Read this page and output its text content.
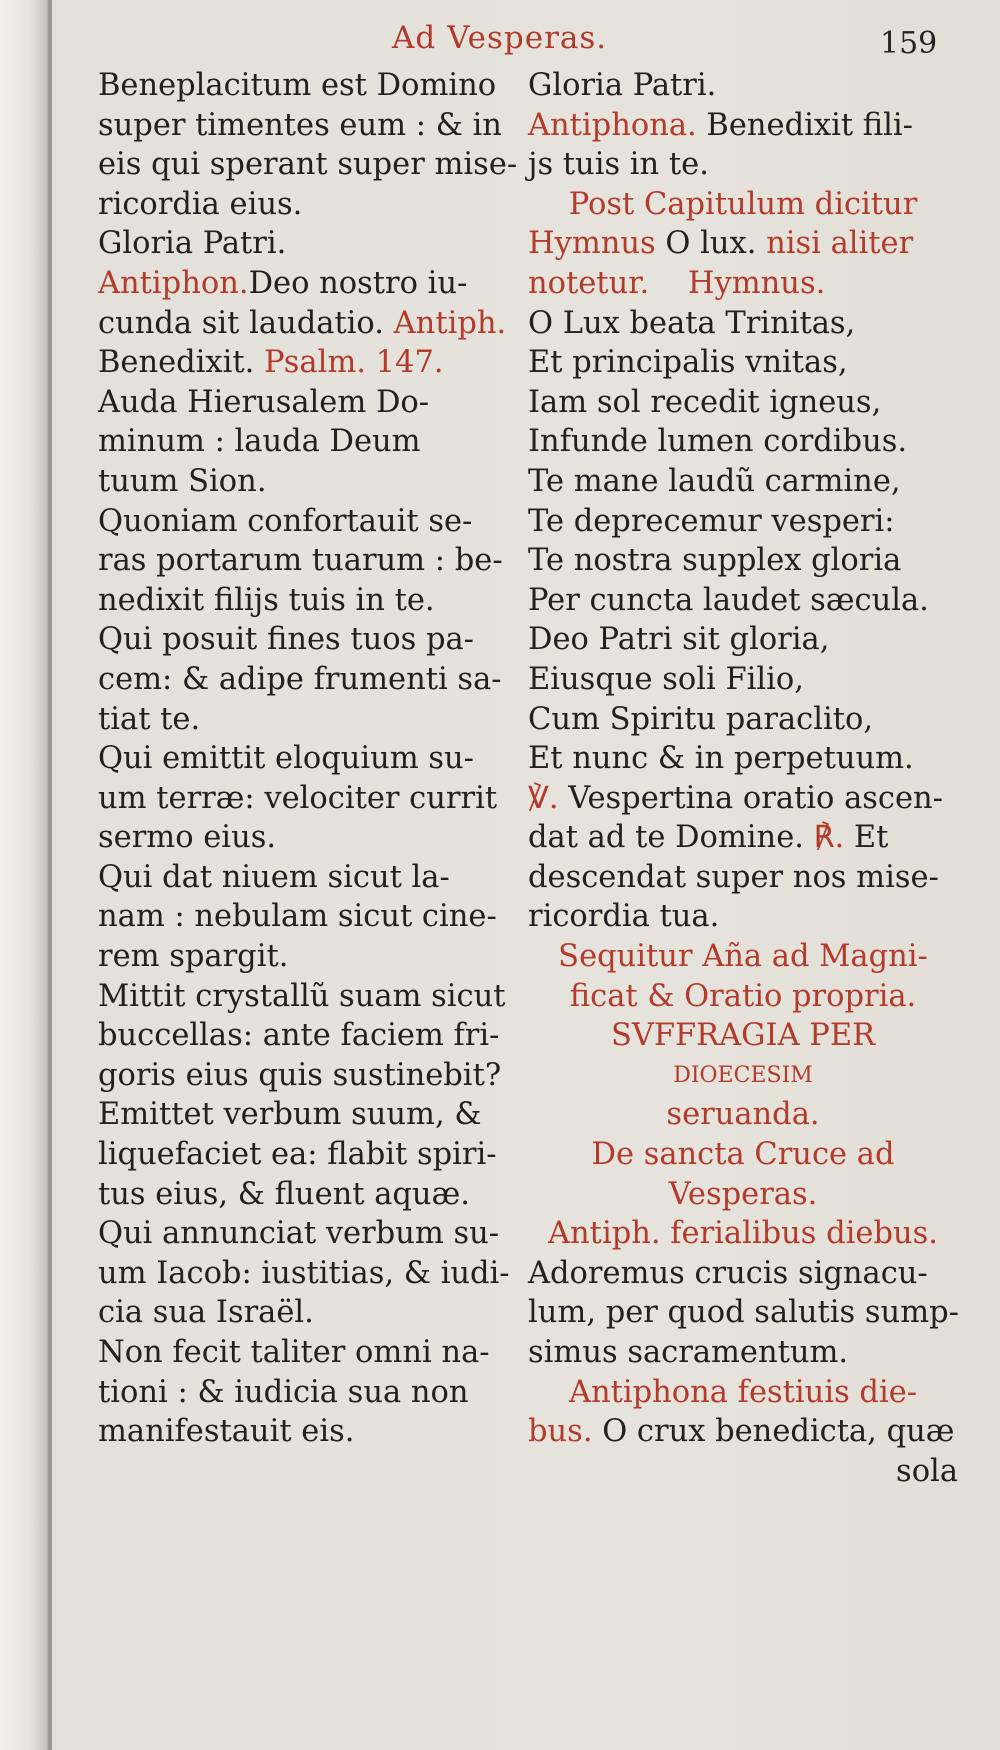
Ad Vesperas.	159
Beneplacitum est Domino
super timentes eum : & in
eis qui sperant super mise-
ricordia eius.
Gloria Patri.
Antiphon.Deo nostro iu-
cunda sit laudatio. Antiph.
Benedixit. Psalm. 147.
Auda Hierusalem Do-
minum : lauda Deum
tuum Sion.
Quoniam confortauit se-
ras portarum tuarum : be-
nedixit filijs tuis in te.
Qui posuit fines tuos pa-
cem: & adipe frumenti sa-
tiat te.
Qui emittit eloquium su-
um terræ: velociter currit
sermo eius.
Qui dat niuem sicut la-
nam : nebulam sicut cine-
rem spargit.
Mittit crystallũ suam sicut
buccellas: ante faciem fri-
goris eius quis sustinebit?
Emittet verbum suum, &
liquefaciet ea: flabit spiri-
tus eius, & fluent aquæ.
Qui annunciat verbum su-
um Iacob: iustitias, & iudi-
cia sua Israël.
Non fecit taliter omni na-
tioni : & iudicia sua non
manifestauit eis.
Gloria Patri.
Antiphona. Benedixit fili-
js tuis in te.
Post Capitulum dicitur
Hymnus O lux. nisi aliter
notetur.    Hymnus.
O Lux beata Trinitas,
Et principalis vnitas,
Iam sol recedit igneus,
Infunde lumen cordibus.
Te mane laudũ carmine,
Te deprecemur vesperi:
Te nostra supplex gloria
Per cuncta laudet sæcula.
Deo Patri sit gloria,
Eiusque soli Filio,
Cum Spiritu paraclito,
Et nunc & in perpetuum.
℣. Vespertina oratio ascen-
dat ad te Domine. ℟. Et
descendat super nos mise-
ricordia tua.
Sequitur Aña ad Magni-
ficat & Oratio propria.
SVFFRAGIA PER
DIOECESIM
seruanda.
De sancta Cruce ad
Vesperas.
Antiph. ferialibus diebus.
Adoremus crucis signacu-
lum, per quod salutis sump-
simus sacramentum.
Antiphona festiuis die-
bus. O crux benedicta, quæ
sola
